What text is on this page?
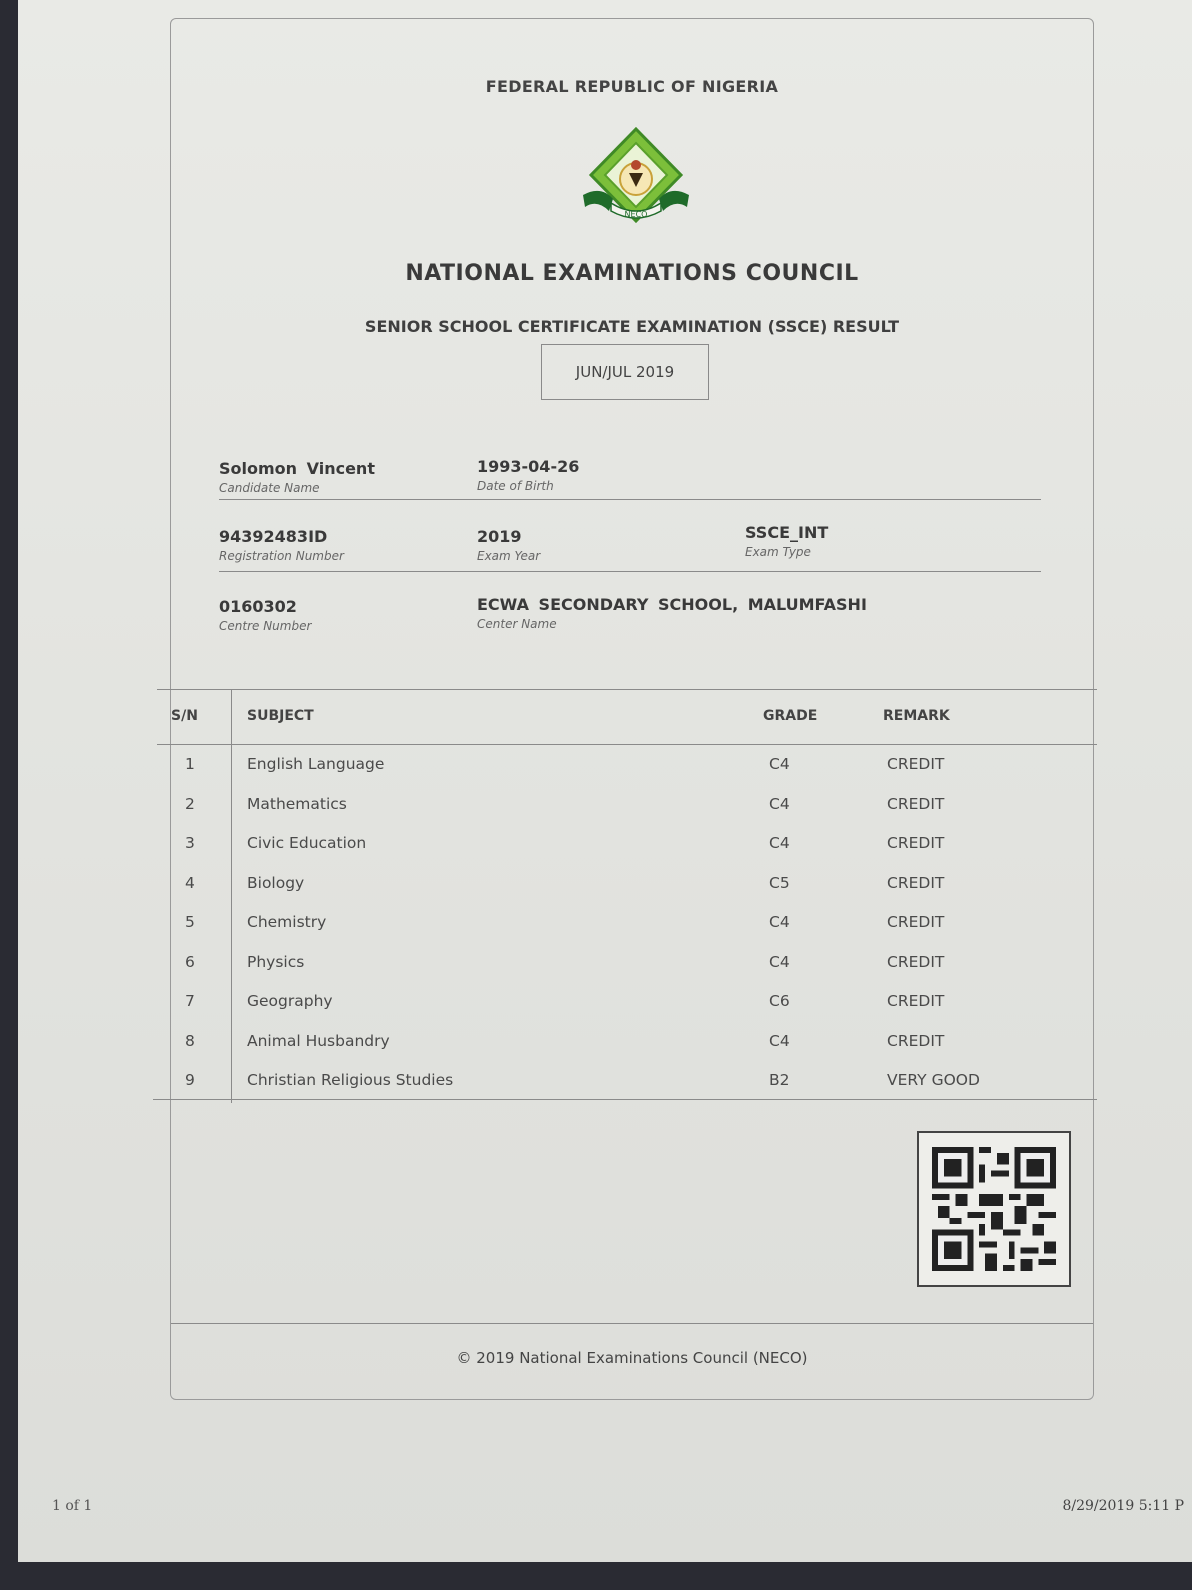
FEDERAL REPUBLIC OF NIGERIA
NECO
NATIONAL EXAMINATIONS COUNCIL
SENIOR SCHOOL CERTIFICATE EXAMINATION (SSCE) RESULT
JUN/JUL 2019
Solomon Vincent
Candidate Name
1993-04-26
Date of Birth
94392483ID
Registration Number
2019
Exam Year
SSCE_INT
Exam Type
0160302
Centre Number
ECWA SECONDARY SCHOOL, MALUMFASHI
Center Name
S/N	SUBJECT	GRADE	REMARK
1	English Language	C4	CREDIT
2	Mathematics	C4	CREDIT
3	Civic Education	C4	CREDIT
4	Biology	C5	CREDIT
5	Chemistry	C4	CREDIT
6	Physics	C4	CREDIT
7	Geography	C6	CREDIT
8	Animal Husbandry	C4	CREDIT
9	Christian Religious Studies	B2	VERY GOOD
© 2019 National Examinations Council (NECO)
1 of 1	8/29/2019 5:11 P
